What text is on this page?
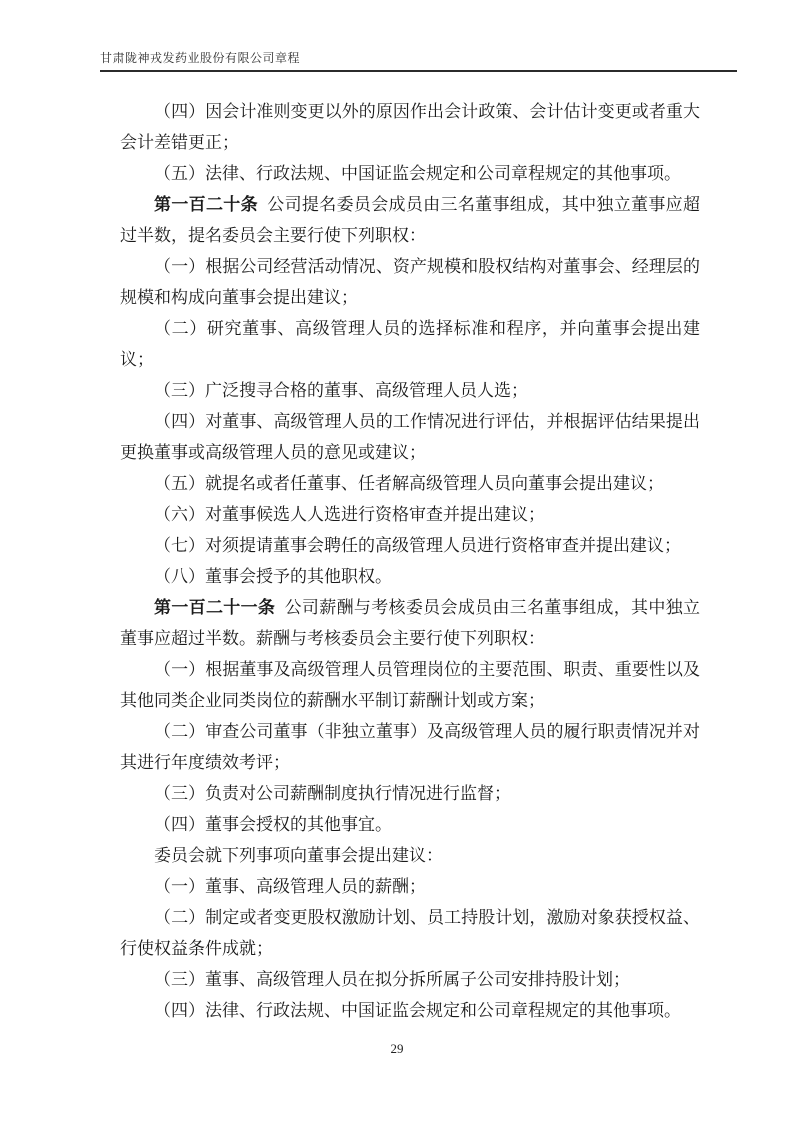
甘肃陇神戎发药业股份有限公司章程

（四）因会计准则变更以外的原因作出会计政策、会计估计变更或者重大会计差错更正；

（五）法律、行政法规、中国证监会规定和公司章程规定的其他事项。

第一百二十条 公司提名委员会成员由三名董事组成，其中独立董事应超过半数，提名委员会主要行使下列职权：

（一）根据公司经营活动情况、资产规模和股权结构对董事会、经理层的规模和构成向董事会提出建议；

（二）研究董事、高级管理人员的选择标准和程序，并向董事会提出建议；

（三）广泛搜寻合格的董事、高级管理人员人选；

（四）对董事、高级管理人员的工作情况进行评估，并根据评估结果提出更换董事或高级管理人员的意见或建议；

（五）就提名或者任董事、任者解高级管理人员向董事会提出建议；

（六）对董事候选人人选进行资格审查并提出建议；

（七）对须提请董事会聘任的高级管理人员进行资格审查并提出建议；

（八）董事会授予的其他职权。

第一百二十一条 公司薪酬与考核委员会成员由三名董事组成，其中独立董事应超过半数。薪酬与考核委员会主要行使下列职权：

（一）根据董事及高级管理人员管理岗位的主要范围、职责、重要性以及其他同类企业同类岗位的薪酬水平制订薪酬计划或方案；

（二）审查公司董事（非独立董事）及高级管理人员的履行职责情况并对其进行年度绩效考评；

（三）负责对公司薪酬制度执行情况进行监督；

（四）董事会授权的其他事宜。

委员会就下列事项向董事会提出建议：

（一）董事、高级管理人员的薪酬；

（二）制定或者变更股权激励计划、员工持股计划，激励对象获授权益、行使权益条件成就；

（三）董事、高级管理人员在拟分拆所属子公司安排持股计划；

（四）法律、行政法规、中国证监会规定和公司章程规定的其他事项。

29
